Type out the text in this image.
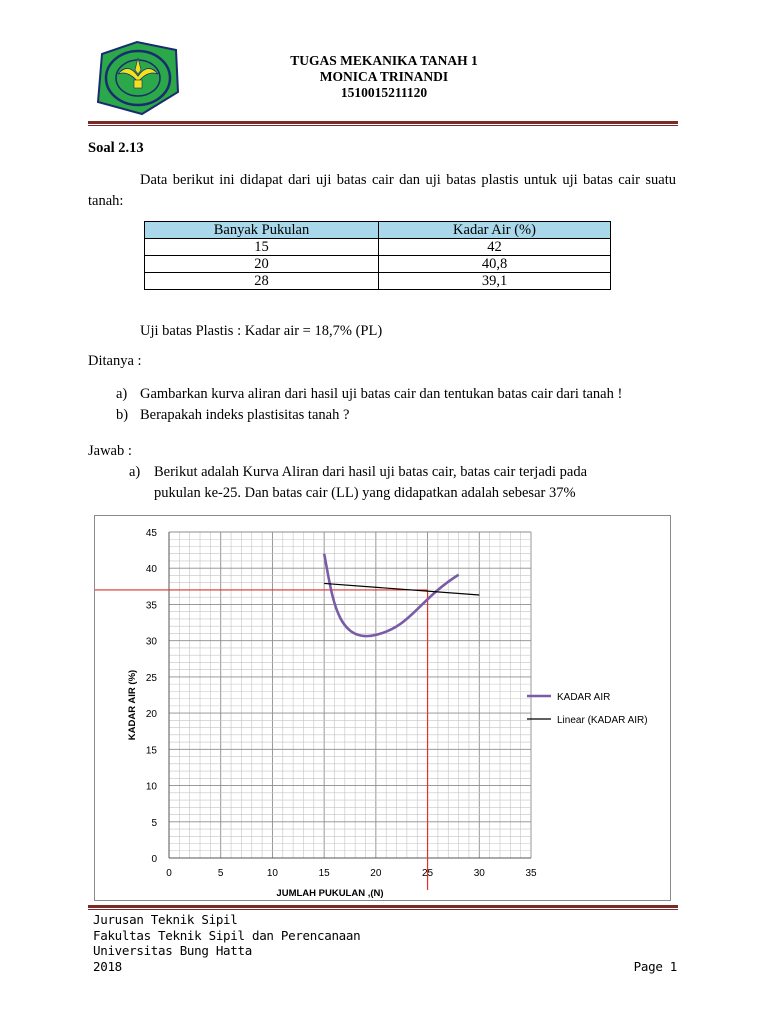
TUGAS MEKANIKA TANAH 1
MONICA TRINANDI
1510015211120
Soal 2.13
Data berikut ini didapat dari uji batas cair dan uji batas plastis untuk uji batas cair suatu tanah:
Banyak Pukulan	Kadar Air (%)
15	42
20	40,8
28	39,1
Uji batas Plastis : Kadar air = 18,7% (PL)
Ditanya :
a) Gambarkan kurva aliran dari hasil uji batas cair dan tentukan batas cair dari tanah !
b) Berapakah indeks plastisitas tanah ?
Jawab :
a) Berikut adalah Kurva Aliran dari hasil uji batas cair, batas cair terjadi pada
pukulan ke-25. Dan batas cair (LL) yang didapatkan adalah sebesar 37%
0	5	10	15	20	25	30	35
0
5
10
15
20
25
30
35
40
45
JUMLAH PUKULAN ,(N)
KADAR AIR (%)	KADAR AIR
Linear (KADAR AIR)
Jurusan Teknik Sipil
Fakultas Teknik Sipil dan Perencanaan
Universitas Bung Hatta
2018	Page 1
